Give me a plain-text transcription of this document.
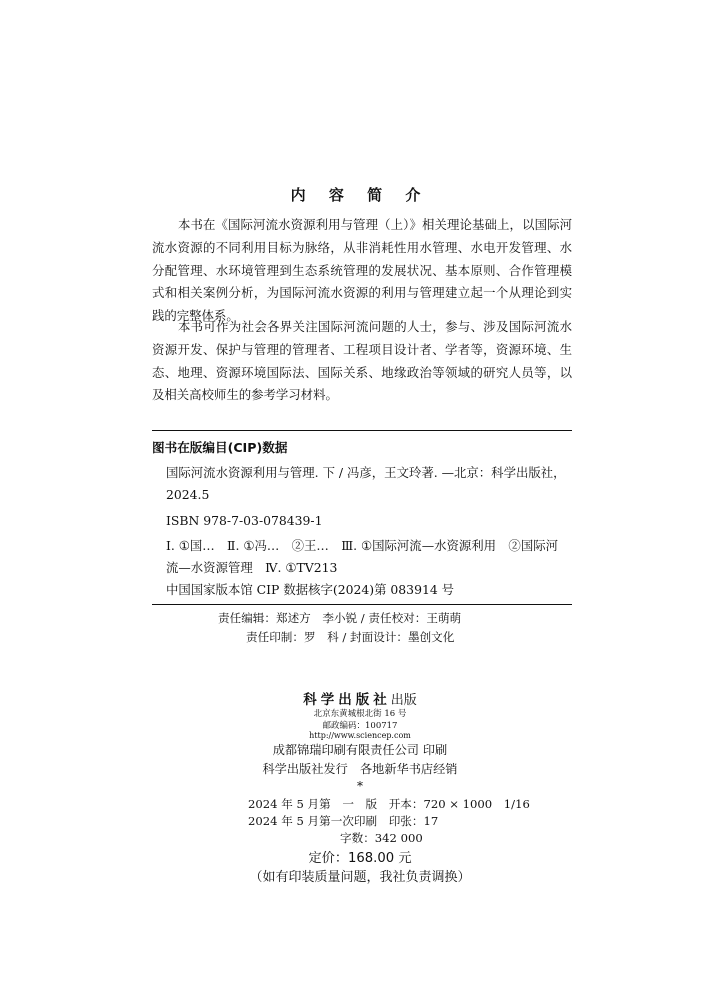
内 容 简 介

本书在《国际河流水资源利用与管理（上）》相关理论基础上，以国际河流水资源的不同利用目标为脉络，从非消耗性用水管理、水电开发管理、水分配管理、水环境管理到生态系统管理的发展状况、基本原则、合作管理模式和相关案例分析，为国际河流水资源的利用与管理建立起一个从理论到实践的完整体系。

本书可作为社会各界关注国际河流问题的人士，参与、涉及国际河流水资源开发、保护与管理的管理者、工程项目设计者、学者等，资源环境、生态、地理、资源环境国际法、国际关系、地缘政治等领域的研究人员等，以及相关高校师生的参考学习材料。

图书在版编目(CIP)数据

国际河流水资源利用与管理. 下 / 冯彦，王文玲著. —北京：科学出版社，2024.5

ISBN 978-7-03-078439-1

Ⅰ. ①国…　Ⅱ. ①冯…　②王…　Ⅲ. ①国际河流—水资源利用　②国际河流—水资源管理　Ⅳ. ①TV213

中国国家版本馆 CIP 数据核字(2024)第 083914 号

责任编辑：郑述方　李小锐 / 责任校对：王萌萌
责任印制：罗　科 / 封面设计：墨创文化
科学出版社出版
北京东黄城根北街 16 号
邮政编码：100717
http://www.sciencep.com
成都锦瑞印刷有限责任公司 印刷
科学出版社发行　各地新华书店经销
*
2024 年 5 月第　一　版　开本：720 × 1000　1/16
2024 年 5 月第一次印刷　印张：17
字数：342 000
定价：168.00 元
（如有印装质量问题，我社负责调换）
